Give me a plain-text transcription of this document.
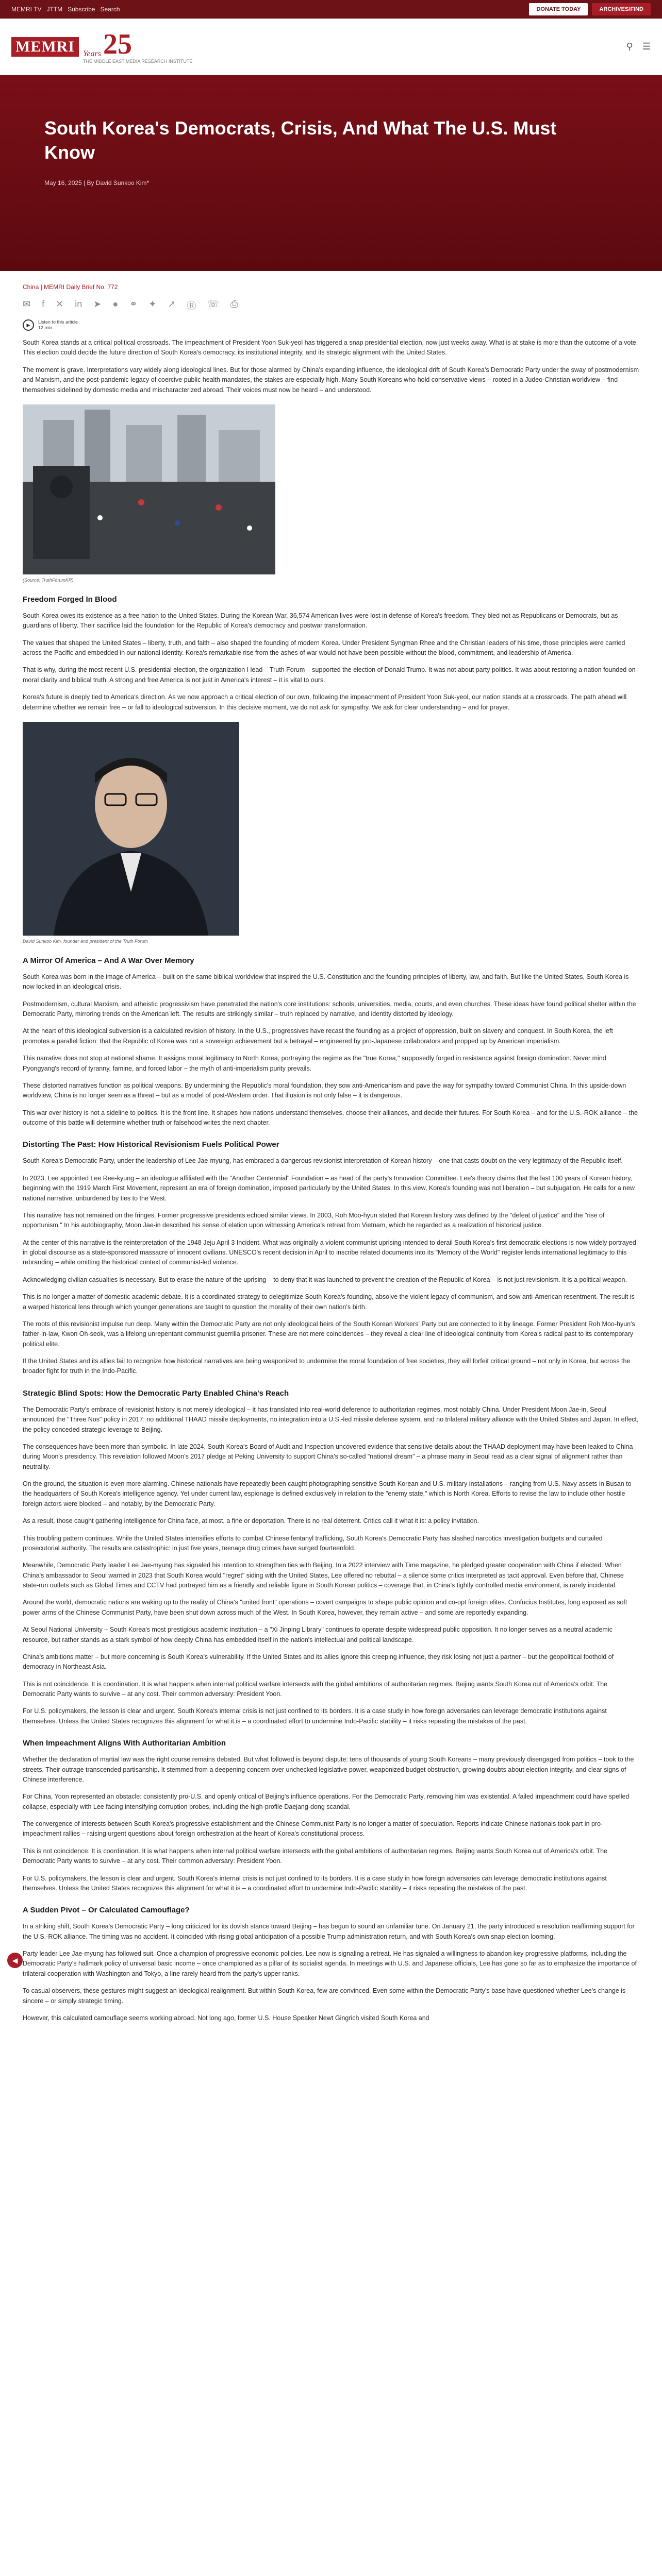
MEMRI TV JTTM Subscribe Search	DONATE TODAY	ARCHIVES/FIND
MEMRI	Years 25
THE MIDDLE EAST MEDIA RESEARCH INSTITUTE
⚲ ☰
South Korea's Democrats, Crisis, And What The U.S. Must Know
May 16, 2025 | By David Sunkoo Kim*
China | MEMRI Daily Brief No. 772
✉ f ✕ in ➤ ● ⚭ ✦ ↗ Ⓡ ☏ ⎙
▶
Listen to this article
12 min

South Korea stands at a critical political crossroads. The impeachment of President Yoon Suk-yeol has triggered a snap presidential election, now just weeks away. What is at stake is more than the outcome of a vote. This election could decide the future direction of South Korea's democracy, its institutional integrity, and its strategic alignment with the United States.

The moment is grave. Interpretations vary widely along ideological lines. But for those alarmed by China's expanding influence, the ideological drift of South Korea's Democratic Party under the sway of postmodernism and Marxism, and the post-pandemic legacy of coercive public health mandates, the stakes are especially high. Many South Koreans who hold conservative views – rooted in a Judeo-Christian worldview – find themselves sidelined by domestic media and mischaracterized abroad. Their voices must now be heard – and understood.

(Source: TruthForumKR)
Freedom Forged In Blood

South Korea owes its existence as a free nation to the United States. During the Korean War, 36,574 American lives were lost in defense of Korea's freedom. They bled not as Republicans or Democrats, but as guardians of liberty. Their sacrifice laid the foundation for the Republic of Korea's democracy and postwar transformation.

The values that shaped the United States – liberty, truth, and faith – also shaped the founding of modern Korea. Under President Syngman Rhee and the Christian leaders of his time, those principles were carried across the Pacific and embedded in our national identity. Korea's remarkable rise from the ashes of war would not have been possible without the blood, commitment, and leadership of America.

That is why, during the most recent U.S. presidential election, the organization I lead – Truth Forum – supported the election of Donald Trump. It was not about party politics. It was about restoring a nation founded on moral clarity and biblical truth. A strong and free America is not just in America's interest – it is vital to ours.

Korea's future is deeply tied to America's direction. As we now approach a critical election of our own, following the impeachment of President Yoon Suk-yeol, our nation stands at a crossroads. The path ahead will determine whether we remain free – or fall to ideological subversion. In this decisive moment, we do not ask for sympathy. We ask for clear understanding – and for prayer.

David Sunkoo Kim, founder and president of the Truth Forum
A Mirror Of America – And A War Over Memory

South Korea was born in the image of America – built on the same biblical worldview that inspired the U.S. Constitution and the founding principles of liberty, law, and faith. But like the United States, South Korea is now locked in an ideological crisis.

Postmodernism, cultural Marxism, and atheistic progressivism have penetrated the nation's core institutions: schools, universities, media, courts, and even churches. These ideas have found political shelter within the Democratic Party, mirroring trends on the American left. The results are strikingly similar – truth replaced by narrative, and identity distorted by ideology.

At the heart of this ideological subversion is a calculated revision of history. In the U.S., progressives have recast the founding as a project of oppression, built on slavery and conquest. In South Korea, the left promotes a parallel fiction: that the Republic of Korea was not a sovereign achievement but a betrayal – engineered by pro-Japanese collaborators and propped up by American imperialism.

This narrative does not stop at national shame. It assigns moral legitimacy to North Korea, portraying the regime as the "true Korea," supposedly forged in resistance against foreign domination. Never mind Pyongyang's record of tyranny, famine, and forced labor – the myth of anti-imperialism purity prevails.

These distorted narratives function as political weapons. By undermining the Republic's moral foundation, they sow anti-Americanism and pave the way for sympathy toward Communist China. In this upside-down worldview, China is no longer seen as a threat – but as a model of post-Western order. That illusion is not only false – it is dangerous.

This war over history is not a sideline to politics. It is the front line. It shapes how nations understand themselves, choose their alliances, and decide their futures. For South Korea – and for the U.S.-ROK alliance – the outcome of this battle will determine whether truth or falsehood writes the next chapter.

Distorting The Past: How Historical Revisionism Fuels Political Power

South Korea's Democratic Party, under the leadership of Lee Jae-myung, has embraced a dangerous revisionist interpretation of Korean history – one that casts doubt on the very legitimacy of the Republic itself.

In 2023, Lee appointed Lee Ree-kyung – an ideologue affiliated with the "Another Centennial" Foundation – as head of the party's Innovation Committee. Lee's theory claims that the last 100 years of Korean history, beginning with the 1919 March First Movement, represent an era of foreign domination, imposed particularly by the United States. In this view, Korea's founding was not liberation – but subjugation. He calls for a new national narrative, unburdened by ties to the West.

This narrative has not remained on the fringes. Former progressive presidents echoed similar views. In 2003, Roh Moo-hyun stated that Korean history was defined by the "defeat of justice" and the "rise of opportunism." In his autobiography, Moon Jae-in described his sense of elation upon witnessing America's retreat from Vietnam, which he regarded as a realization of historical justice.

At the center of this narrative is the reinterpretation of the 1948 Jeju April 3 Incident. What was originally a violent communist uprising intended to derail South Korea's first democratic elections is now widely portrayed in global discourse as a state-sponsored massacre of innocent civilians. UNESCO's recent decision in April to inscribe related documents into its "Memory of the World" register lends international legitimacy to this rebranding – while omitting the historical context of communist-led violence.

Acknowledging civilian casualties is necessary. But to erase the nature of the uprising – to deny that it was launched to prevent the creation of the Republic of Korea – is not just revisionism. It is a political weapon.

This is no longer a matter of domestic academic debate. It is a coordinated strategy to delegitimize South Korea's founding, absolve the violent legacy of communism, and sow anti-American resentment. The result is a warped historical lens through which younger generations are taught to question the morality of their own nation's birth.

The roots of this revisionist impulse run deep. Many within the Democratic Party are not only ideological heirs of the South Korean Workers' Party but are connected to it by lineage. Former President Roh Moo-hyun's father-in-law, Kwon Oh-seok, was a lifelong unrepentant communist guerrilla prisoner. These are not mere coincidences – they reveal a clear line of ideological continuity from Korea's radical past to its contemporary political elite.

If the United States and its allies fail to recognize how historical narratives are being weaponized to undermine the moral foundation of free societies, they will forfeit critical ground – not only in Korea, but across the broader fight for truth in the Indo-Pacific.

Strategic Blind Spots: How the Democratic Party Enabled China's Reach

The Democratic Party's embrace of revisionist history is not merely ideological – it has translated into real-world deference to authoritarian regimes, most notably China. Under President Moon Jae-in, Seoul announced the "Three Nos" policy in 2017: no additional THAAD missile deployments, no integration into a U.S.-led missile defense system, and no trilateral military alliance with the United States and Japan. In effect, the policy conceded strategic leverage to Beijing.

The consequences have been more than symbolic. In late 2024, South Korea's Board of Audit and Inspection uncovered evidence that sensitive details about the THAAD deployment may have been leaked to China during Moon's presidency. This revelation followed Moon's 2017 pledge at Peking University to support China's so-called "national dream" – a phrase many in Seoul read as a clear signal of alignment rather than neutrality.

On the ground, the situation is even more alarming. Chinese nationals have repeatedly been caught photographing sensitive South Korean and U.S. military installations – ranging from U.S. Navy assets in Busan to the headquarters of South Korea's intelligence agency. Yet under current law, espionage is defined exclusively in relation to the "enemy state," which is North Korea. Efforts to revise the law to include other hostile foreign actors were blocked – and notably, by the Democratic Party.

As a result, those caught gathering intelligence for China face, at most, a fine or deportation. There is no real deterrent. Critics call it what it is: a policy invitation.

This troubling pattern continues. While the United States intensifies efforts to combat Chinese fentanyl trafficking, South Korea's Democratic Party has slashed narcotics investigation budgets and curtailed prosecutorial authority. The results are catastrophic: in just five years, teenage drug crimes have surged fourteenfold.

Meanwhile, Democratic Party leader Lee Jae-myung has signaled his intention to strengthen ties with Beijing. In a 2022 interview with Time magazine, he pledged greater cooperation with China if elected. When China's ambassador to Seoul warned in 2023 that South Korea would "regret" siding with the United States, Lee offered no rebuttal – a silence some critics interpreted as tacit approval. Even before that, Chinese state-run outlets such as Global Times and CCTV had portrayed him as a friendly and reliable figure in South Korean politics – coverage that, in China's tightly controlled media environment, is rarely incidental.

Around the world, democratic nations are waking up to the reality of China's "united front" operations – covert campaigns to shape public opinion and co-opt foreign elites. Confucius Institutes, long exposed as soft power arms of the Chinese Communist Party, have been shut down across much of the West. In South Korea, however, they remain active – and some are reportedly expanding.

At Seoul National University – South Korea's most prestigious academic institution – a "Xi Jinping Library" continues to operate despite widespread public opposition. It no longer serves as a neutral academic resource, but rather stands as a stark symbol of how deeply China has embedded itself in the nation's intellectual and political landscape.

China's ambitions matter – but more concerning is South Korea's vulnerability. If the United States and its allies ignore this creeping influence, they risk losing not just a partner – but the geopolitical foothold of democracy in Northeast Asia.

This is not coincidence. It is coordination. It is what happens when internal political warfare intersects with the global ambitions of authoritarian regimes. Beijing wants South Korea out of America's orbit. The Democratic Party wants to survive – at any cost. Their common adversary: President Yoon.

For U.S. policymakers, the lesson is clear and urgent. South Korea's internal crisis is not just confined to its borders. It is a case study in how foreign adversaries can leverage democratic institutions against themselves. Unless the United States recognizes this alignment for what it is – a coordinated effort to undermine Indo-Pacific stability – it risks repeating the mistakes of the past.

When Impeachment Aligns With Authoritarian Ambition

Whether the declaration of martial law was the right course remains debated. But what followed is beyond dispute: tens of thousands of young South Koreans – many previously disengaged from politics – took to the streets. Their outrage transcended partisanship. It stemmed from a deepening concern over unchecked legislative power, weaponized budget obstruction, growing doubts about election integrity, and clear signs of Chinese interference.

For China, Yoon represented an obstacle: consistently pro-U.S. and openly critical of Beijing's influence operations. For the Democratic Party, removing him was existential. A failed impeachment could have spelled collapse, especially with Lee facing intensifying corruption probes, including the high-profile Daejang-dong scandal.

The convergence of interests between South Korea's progressive establishment and the Chinese Communist Party is no longer a matter of speculation. Reports indicate Chinese nationals took part in pro-impeachment rallies – raising urgent questions about foreign orchestration at the heart of Korea's constitutional process.

This is not coincidence. It is coordination. It is what happens when internal political warfare intersects with the global ambitions of authoritarian regimes. Beijing wants South Korea out of America's orbit. The Democratic Party wants to survive – at any cost. Their common adversary: President Yoon.

For U.S. policymakers, the lesson is clear and urgent. South Korea's internal crisis is not just confined to its borders. It is a case study in how foreign adversaries can leverage democratic institutions against themselves. Unless the United States recognizes this alignment for what it is – a coordinated effort to undermine Indo-Pacific stability – it risks repeating the mistakes of the past.

A Sudden Pivot – Or Calculated Camouflage?

In a striking shift, South Korea's Democratic Party – long criticized for its dovish stance toward Beijing – has begun to sound an unfamiliar tune. On January 21, the party introduced a resolution reaffirming support for the U.S.-ROK alliance. The timing was no accident. It coincided with rising global anticipation of a possible Trump administration return, and with South Korea's own snap election looming.

Party leader Lee Jae-myung has followed suit. Once a champion of progressive economic policies, Lee now is signaling a retreat. He has signaled a willingness to abandon key progressive platforms, including the Democratic Party's hallmark policy of universal basic income – once championed as a pillar of its socialist agenda. In meetings with U.S. and Japanese officials, Lee has gone so far as to emphasize the importance of trilateral cooperation with Washington and Tokyo, a line rarely heard from the party's upper ranks.

To casual observers, these gestures might suggest an ideological realignment. But within South Korea, few are convinced. Even some within the Democratic Party's base have questioned whether Lee's change is sincere – or simply strategic timing.

However, this calculated camouflage seems working abroad. Not long ago, former U.S. House Speaker Newt Gingrich visited South Korea and

◀
